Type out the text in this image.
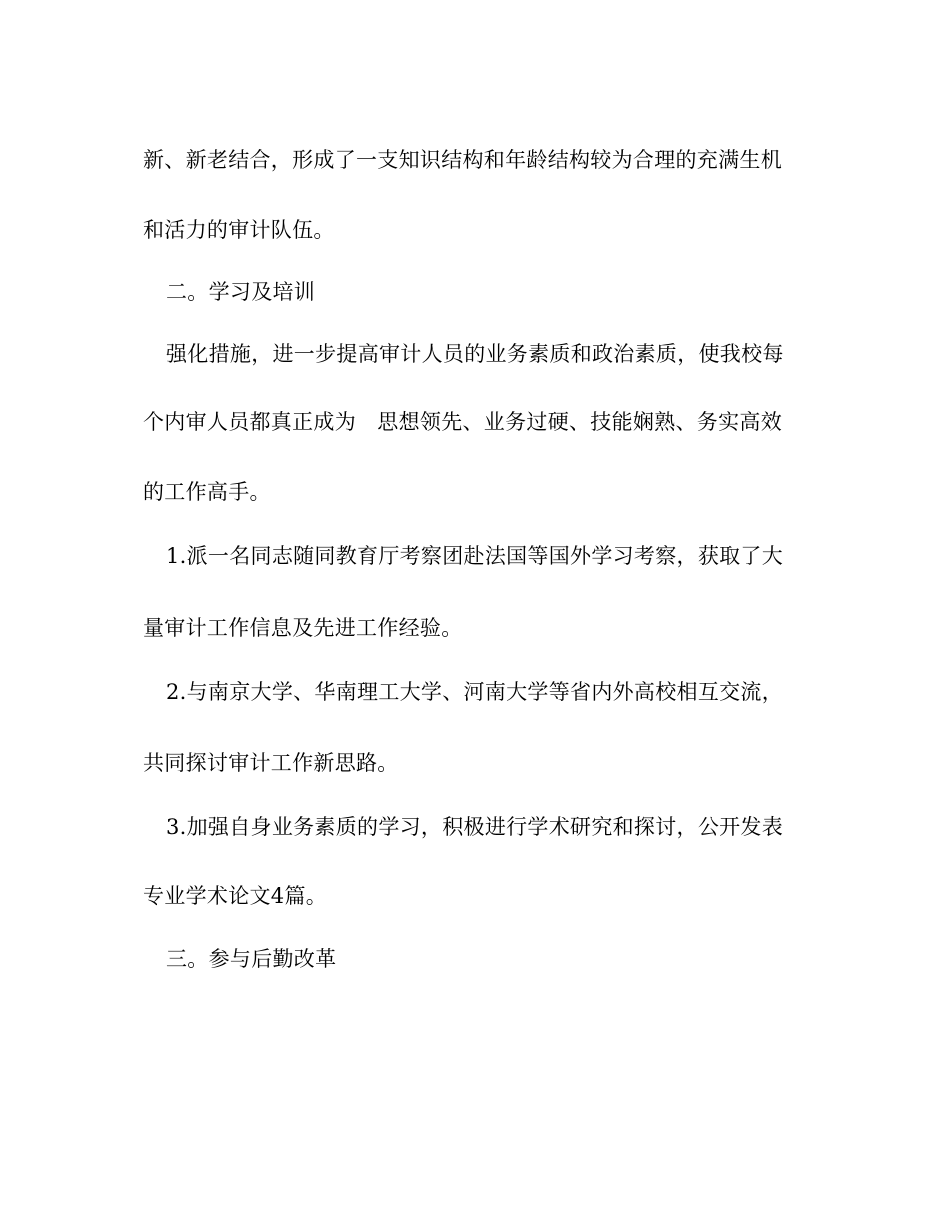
新、新老结合，形成了一支知识结构和年龄结构较为合理的充满生机
和活力的审计队伍。
二。学习及培训
强化措施，进一步提高审计人员的业务素质和政治素质，使我校每
个内审人员都真正成为　思想领先、业务过硬、技能娴熟、务实高效
的工作高手。
1.派一名同志随同教育厅考察团赴法国等国外学习考察，获取了大
量审计工作信息及先进工作经验。
2.与南京大学、华南理工大学、河南大学等省内外高校相互交流，
共同探讨审计工作新思路。
3.加强自身业务素质的学习，积极进行学术研究和探讨，公开发表
专业学术论文4篇。
三。参与后勤改革
